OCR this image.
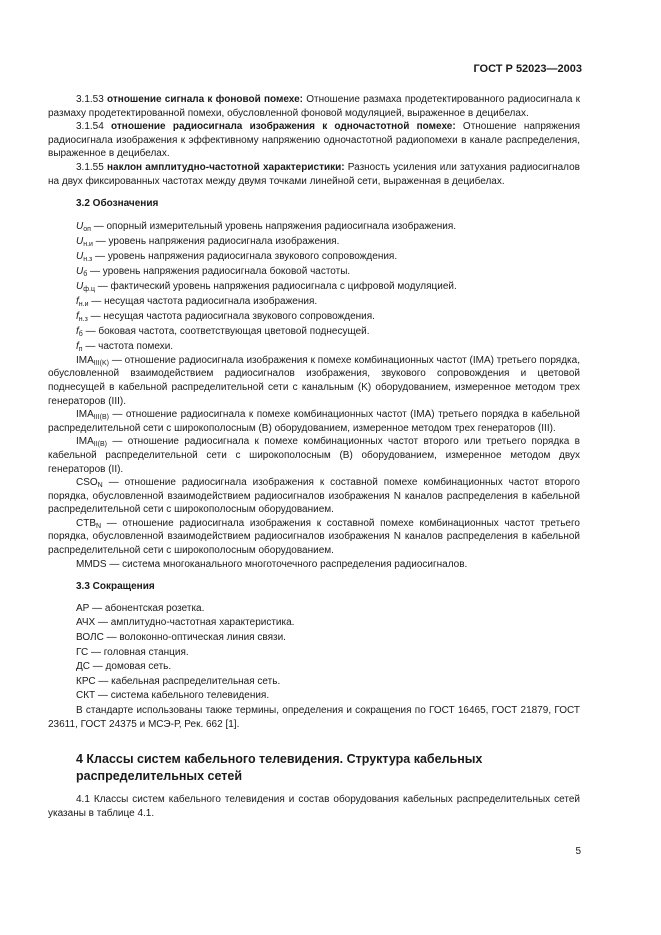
ГОСТ Р 52023—2003

3.1.53 отношение сигнала к фоновой помехе: Отношение размаха продетектированного радиосигнала к размаху продетектированной помехи, обусловленной фоновой модуляцией, выраженное в децибелах.

3.1.54 отношение радиосигнала изображения к одночастотной помехе: Отношение напряжения радиосигнала изображения к эффективному напряжению одночастотной радиопомехи в канале распределения, выраженное в децибелах.

3.1.55 наклон амплитудно-частотной характеристики: Разность усиления или затухания радиосигналов на двух фиксированных частотах между двумя точками линейной сети, выраженная в децибелах.

3.2 Обозначения

$U_{оп}$ — опорный измерительный уровень напряжения радиосигнала изображения.

$U_{н.и}$ — уровень напряжения радиосигнала изображения.

$U_{н.з}$ — уровень напряжения радиосигнала звукового сопровождения.

$U_б$ — уровень напряжения радиосигнала боковой частоты.

$U_{ф.ц}$ — фактический уровень напряжения радиосигнала с цифровой модуляцией.

$f_{н.и}$ — несущая частота радиосигнала изображения.

$f_{н.з}$ — несущая частота радиосигнала звукового сопровождения.

$f_б$ — боковая частота, соответствующая цветовой поднесущей.

$f_п$ — частота помехи.

$IMA_{III(K)}$ — отношение радиосигнала изображения к помехе комбинационных частот (IMA) третьего порядка, обусловленной взаимодействием радиосигналов изображения, звукового сопровождения и цветовой поднесущей в кабельной распределительной сети с канальным (K) оборудованием, измеренное методом трех генераторов (III).

$IMA_{III(B)}$ — отношение радиосигнала к помехе комбинационных частот (IMA) третьего порядка в кабельной распределительной сети с широкополосным (B) оборудованием, измеренное методом трех генераторов (III).

$IMA_{II(B)}$ — отношение радиосигнала к помехе комбинационных частот второго или третьего порядка в кабельной распределительной сети с широкополосным (B) оборудованием, измеренное методом двух генераторов (II).

$CSO_N$ — отношение радиосигнала изображения к составной помехе комбинационных частот второго порядка, обусловленной взаимодействием радиосигналов изображения N каналов распределения в кабельной распределительной сети с широкополосным оборудованием.

$CTB_N$ — отношение радиосигнала изображения к составной помехе комбинационных частот третьего порядка, обусловленной взаимодействием радиосигналов изображения N каналов распределения в кабельной распределительной сети с широкополосным оборудованием.

MMDS — система многоканального многоточечного распределения радиосигналов.

3.3 Сокращения

АР — абонентская розетка.

АЧХ — амплитудно-частотная характеристика.

ВОЛС — волоконно-оптическая линия связи.

ГС — головная станция.

ДС — домовая сеть.

КРС — кабельная распределительная сеть.

СКТ — система кабельного телевидения.

В стандарте использованы также термины, определения и сокращения по ГОСТ 16465, ГОСТ 21879, ГОСТ 23611, ГОСТ 24375 и МСЭ-Р, Рек. 662 [1].

4 Классы систем кабельного телевидения. Структура кабельных распределительных сетей

4.1 Классы систем кабельного телевидения и состав оборудования кабельных распределительных сетей указаны в таблице 4.1.

5
